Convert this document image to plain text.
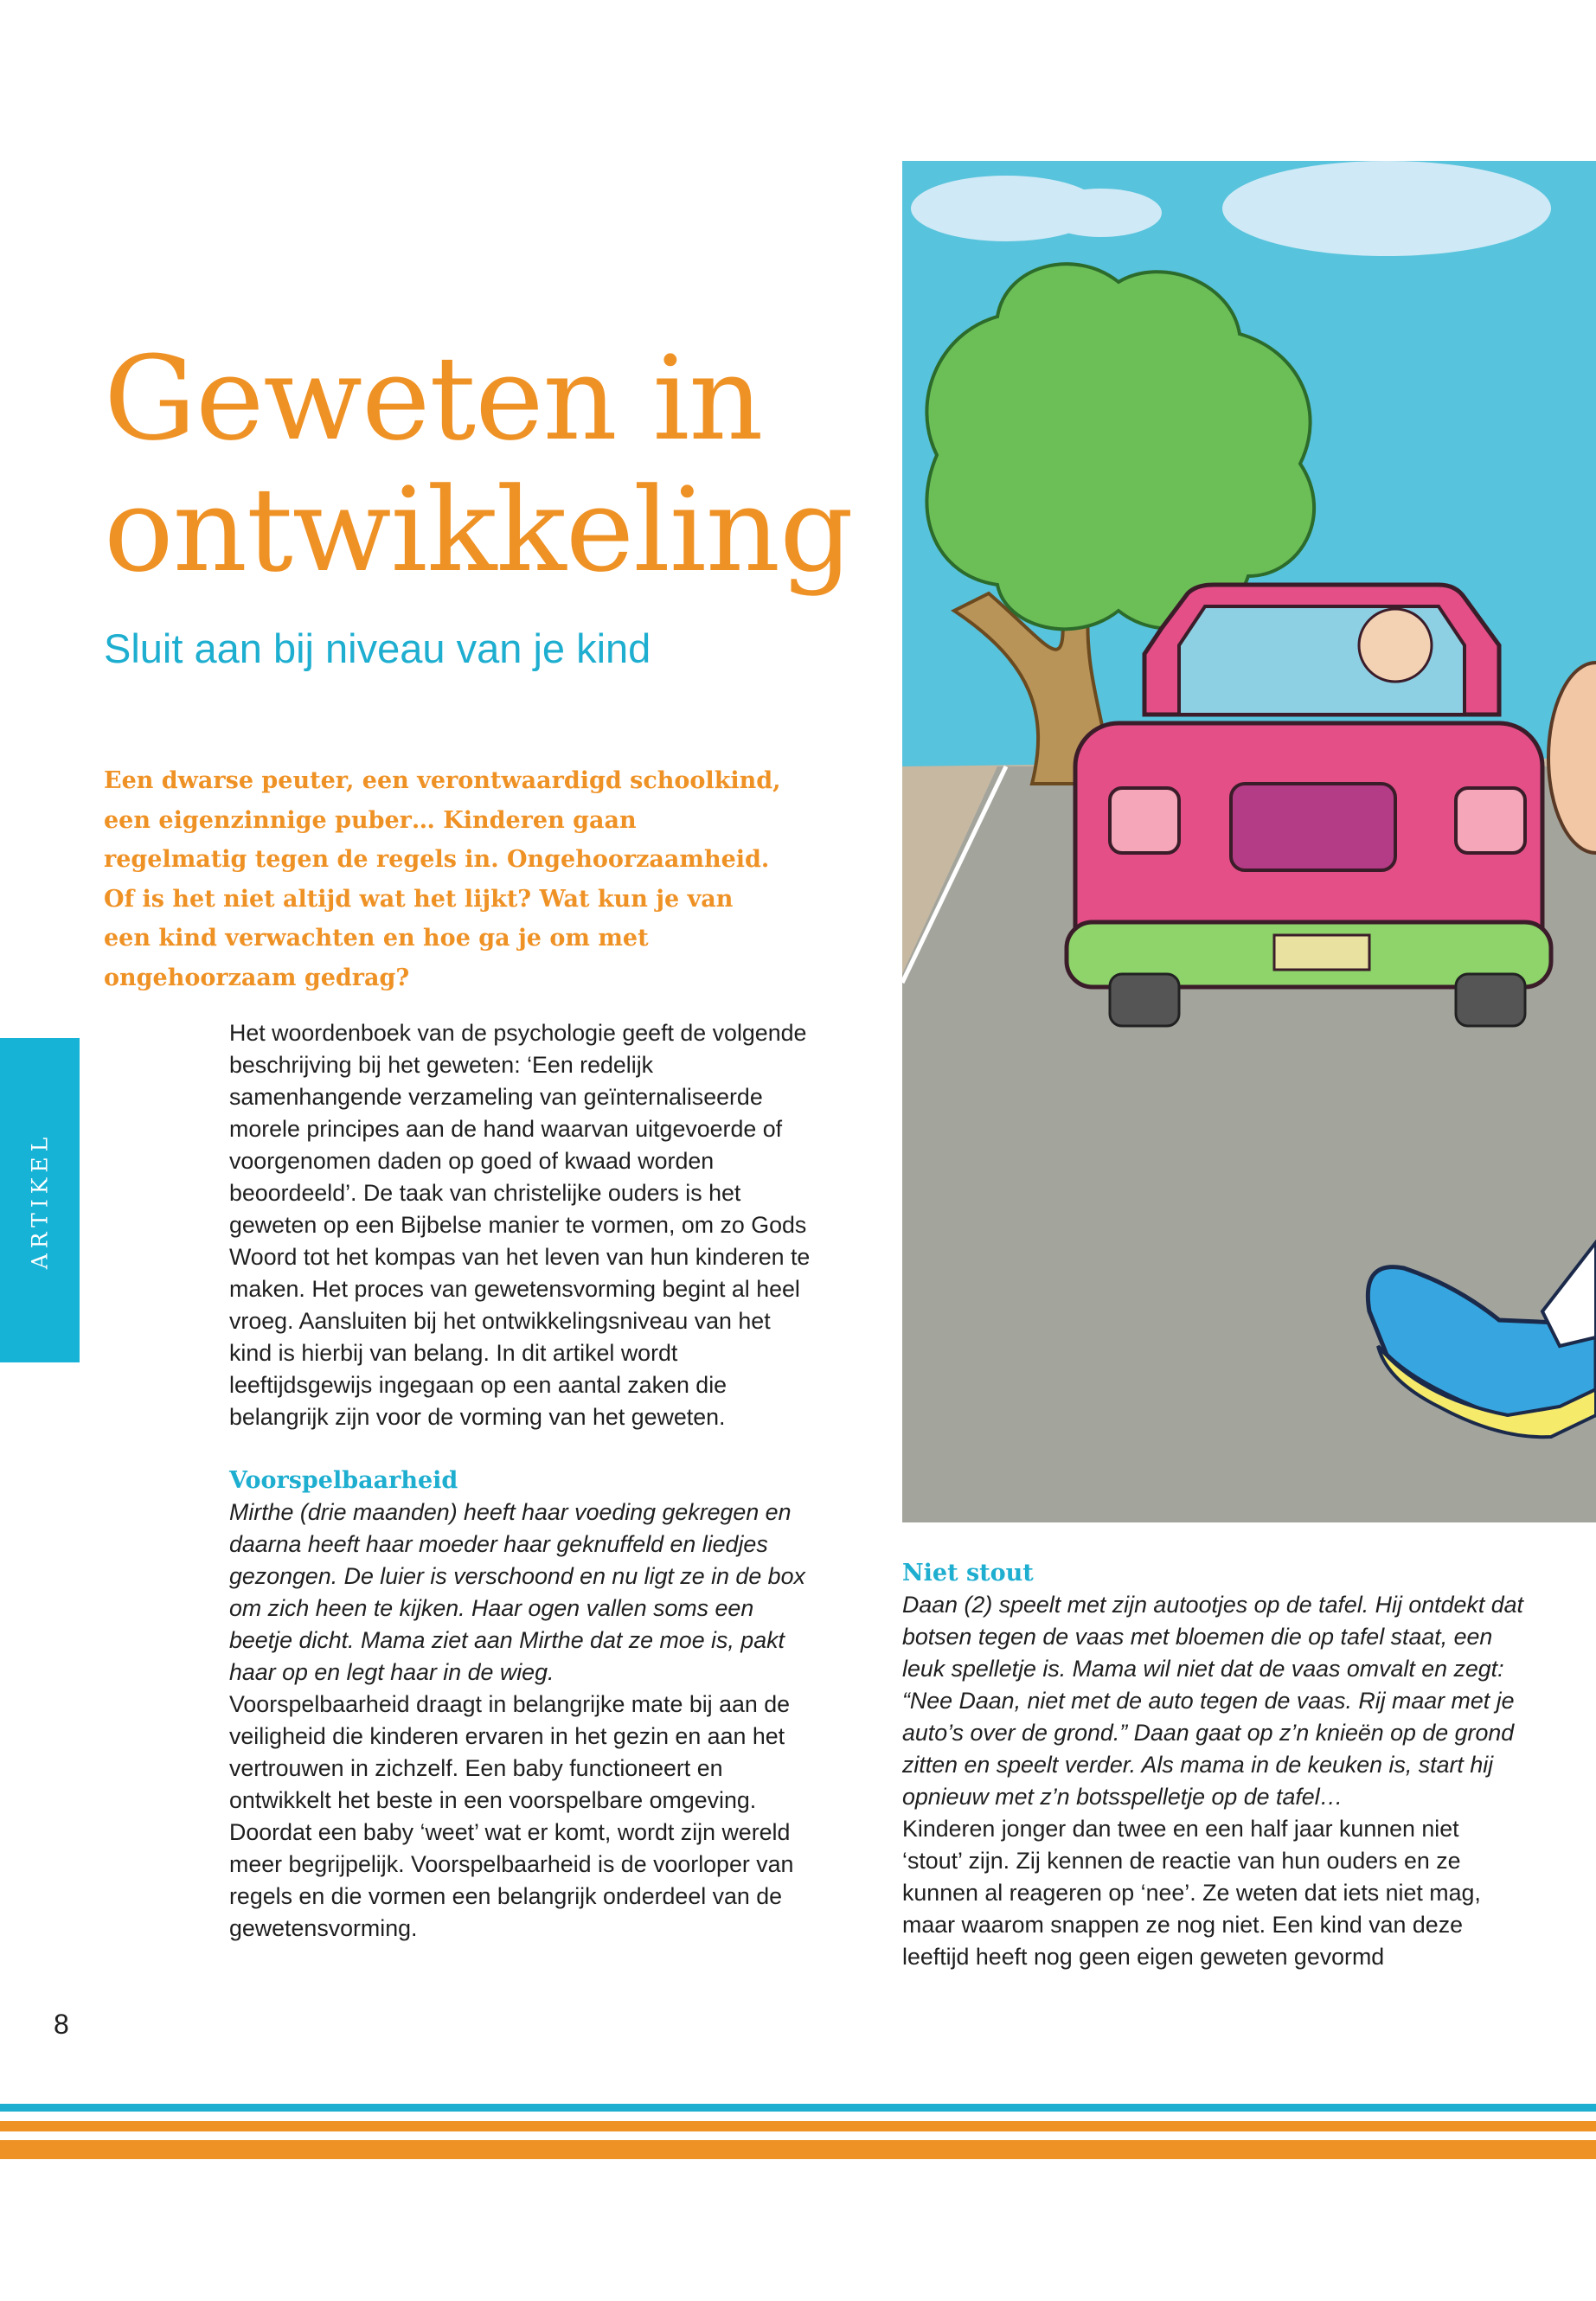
Geweten in
ontwikkeling
Sluit aan bij niveau van je kind

Een dwarse peuter, een verontwaardigd schoolkind, een eigenzinnige puber… Kinderen gaan regelmatig tegen de regels in. Ongehoorzaamheid. Of is het niet altijd wat het lijkt? Wat kun je van een kind verwachten en hoe ga je om met ongehoorzaam gedrag?

ARTIKEL

Het woordenboek van de psychologie geeft de volgende beschrijving bij het geweten: ‘Een redelijk samenhangende verzameling van geïnternaliseerde morele principes aan de hand waarvan uitgevoerde of voorgenomen daden op goed of kwaad worden beoordeeld’. De taak van christelijke ouders is het geweten op een Bijbelse manier te vormen, om zo Gods Woord tot het kompas van het leven van hun kinderen te maken. Het proces van gewetensvorming begint al heel vroeg. Aansluiten bij het ontwikkelingsniveau van het kind is hierbij van belang. In dit artikel wordt leeftijdsgewijs ingegaan op een aantal zaken die belangrijk zijn voor de vorming van het geweten.

Voorspelbaarheid

Mirthe (drie maanden) heeft haar voeding gekregen en daarna heeft haar moeder haar geknuffeld en liedjes gezongen. De luier is verschoond en nu ligt ze in de box om zich heen te kijken. Haar ogen vallen soms een beetje dicht. Mama ziet aan Mirthe dat ze moe is, pakt haar op en legt haar in de wieg.

Voorspelbaarheid draagt in belangrijke mate bij aan de veiligheid die kinderen ervaren in het gezin en aan het vertrouwen in zichzelf. Een baby functioneert en ontwikkelt het beste in een voorspelbare omgeving. Doordat een baby ‘weet’ wat er komt, wordt zijn wereld meer begrijpelijk. Voorspelbaarheid is de voorloper van regels en die vormen een belangrijk onderdeel van de gewetensvorming.

Niet stout

Daan (2) speelt met zijn autootjes op de tafel. Hij ontdekt dat botsen tegen de vaas met bloemen die op tafel staat, een leuk spelletje is. Mama wil niet dat de vaas omvalt en zegt: “Nee Daan, niet met de auto tegen de vaas. Rij maar met je auto’s over de grond.” Daan gaat op z’n knieën op de grond zitten en speelt verder. Als mama in de keuken is, start hij opnieuw met z’n botsspelletje op de tafel…

Kinderen jonger dan twee en een half jaar kunnen niet ‘stout’ zijn. Zij kennen de reactie van hun ouders en ze kunnen al reageren op ‘nee’. Ze weten dat iets niet mag, maar waarom snappen ze nog niet. Een kind van deze leeftijd heeft nog geen eigen geweten gevormd

8
